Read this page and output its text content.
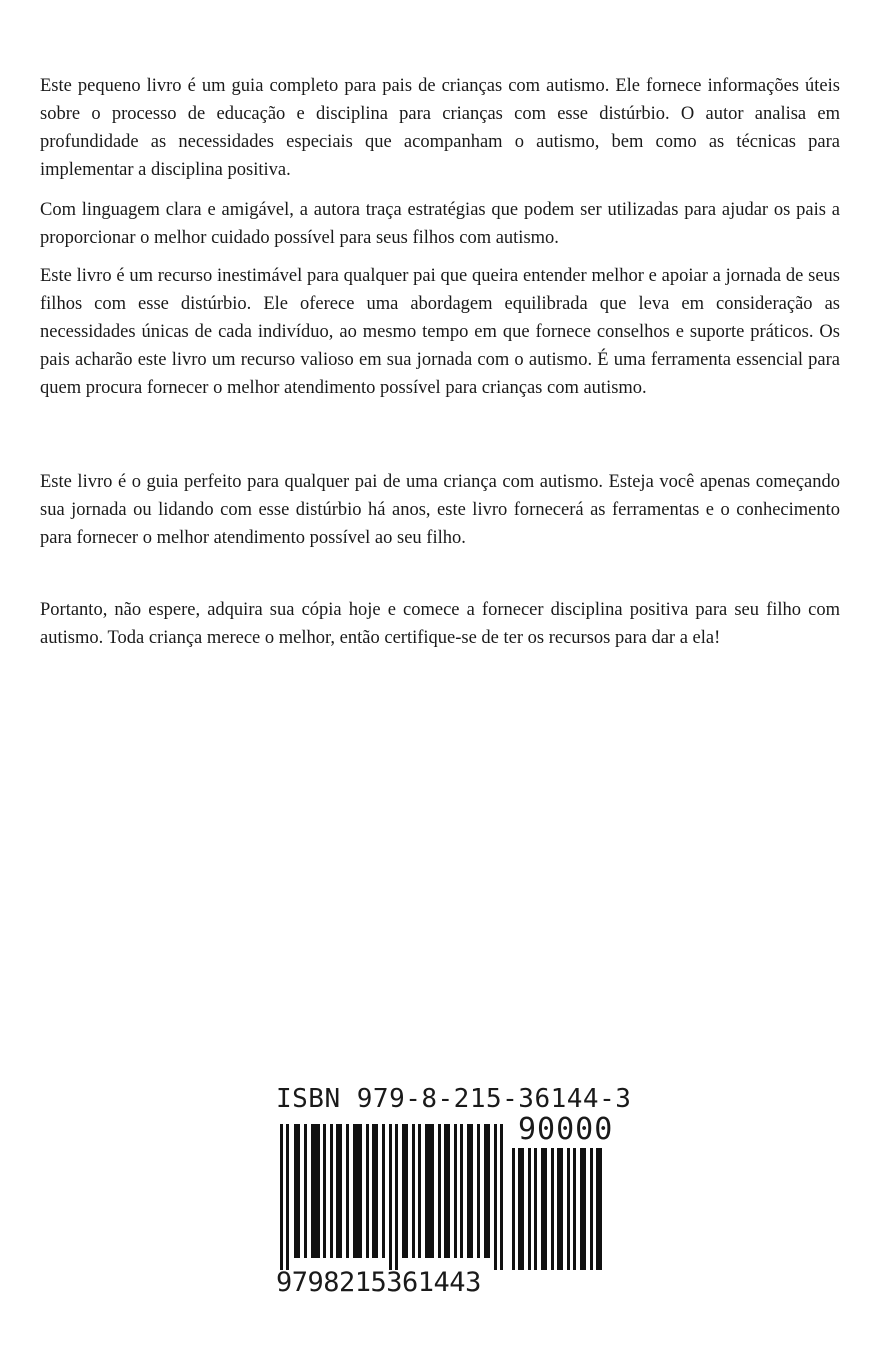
Este pequeno livro é um guia completo para pais de crianças com autismo. Ele fornece informações úteis sobre o processo de educação e disciplina para crianças com esse distúrbio. O autor analisa em profundidade as necessidades especiais que acompanham o autismo, bem como as técnicas para implementar a disciplina positiva.

Com linguagem clara e amigável, a autora traça estratégias que podem ser utilizadas para ajudar os pais a proporcionar o melhor cuidado possível para seus filhos com autismo.

Este livro é um recurso inestimável para qualquer pai que queira entender melhor e apoiar a jornada de seus filhos com esse distúrbio. Ele oferece uma abordagem equilibrada que leva em consideração as necessidades únicas de cada indivíduo, ao mesmo tempo em que fornece conselhos e suporte práticos. Os pais acharão este livro um recurso valioso em sua jornada com o autismo. É uma ferramenta essencial para quem procura fornecer o melhor atendimento possível para crianças com autismo.

Este livro é o guia perfeito para qualquer pai de uma criança com autismo. Esteja você apenas começando sua jornada ou lidando com esse distúrbio há anos, este livro fornecerá as ferramentas e o conhecimento para fornecer o melhor atendimento possível ao seu filho.

Portanto, não espere, adquira sua cópia hoje e comece a fornecer disciplina positiva para seu filho com autismo. Toda criança merece o melhor, então certifique-se de ter os recursos para dar a ela!

ISBN 979-8-215-36144-3
90000
9798215361443
